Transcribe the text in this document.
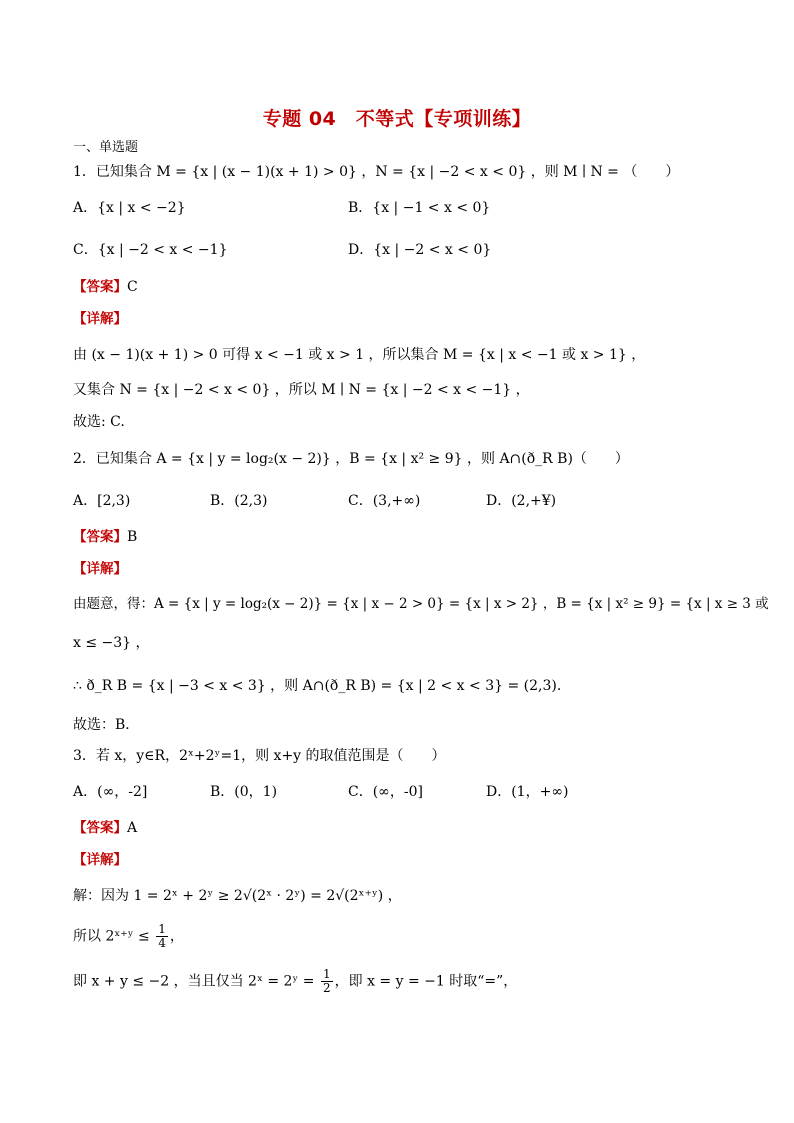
专题 04　不等式【专项训练】
一、单选题
1．已知集合 M = {x | (x − 1)(x + 1) > 0} ，N = {x | −2 < x < 0} ，则 M ∣ N = （　　）
A．{x | x < −2}	B．{x | −1 < x < 0}
C．{x | −2 < x < −1}	D．{x | −2 < x < 0}
【答案】C
【详解】
由 (x − 1)(x + 1) > 0 可得 x < −1 或 x > 1 ，所以集合 M = {x | x < −1 或 x > 1} ，
又集合 N = {x | −2 < x < 0} ，所以 M ∣ N = {x | −2 < x < −1} ，
故选: C.
2．已知集合 A = {x | y = log₂(x − 2)} ，B = {x | x² ≥ 9} ，则 A∩(ð_R B)（　　）
A．[2,3)	B．(2,3)	C．(3,+∞)	D．(2,+¥)
【答案】B
【详解】
由题意，得：A = {x | y = log₂(x − 2)} = {x | x − 2 > 0} = {x | x > 2} ，B = {x | x² ≥ 9} = {x | x ≥ 3 或
x ≤ −3} ，
∴ ð_R B = {x | −3 < x < 3} ，则 A∩(ð_R B) = {x | 2 < x < 3} = (2,3).
故选：B．
3．若 x，y∈R，2ˣ+2ʸ=1，则 x+y 的取值范围是（　　）
A．(∞，-2]	B．(0，1)	C．(∞，-0]	D．(1，+∞)
【答案】A
【详解】
解：因为 1 = 2ˣ + 2ʸ ≥ 2√(2ˣ · 2ʸ) = 2√(2ˣ⁺ʸ) ，
所以 2ˣ⁺ʸ ≤ $\frac{1}{4}$ ，
即 x + y ≤ −2 ，当且仅当 2ˣ = 2ʸ = $\frac{1}{2}$ ，即 x = y = −1 时取“=”，
